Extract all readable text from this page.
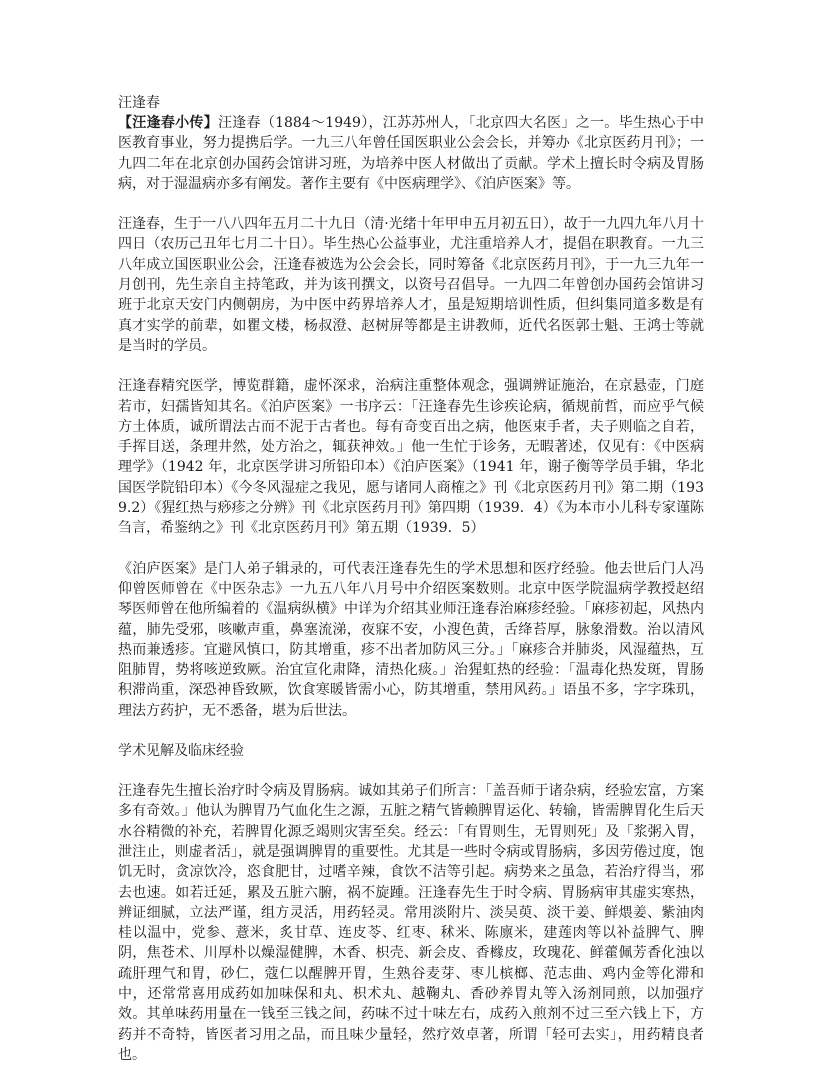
汪逢春

【汪逢春小传】汪逢春（1884～1949），江苏苏州人，「北京四大名医」之一。毕生热心于中医教育事业，努力提携后学。一九三八年曾任国医职业公会会长，并筹办《北京医药月刊》；一九四二年在北京创办国药会馆讲习班，为培养中医人材做出了贡献。学术上擅长时令病及胃肠病，对于湿温病亦多有阐发。著作主要有《中医病理学》、《泊庐医案》等。

汪逢春，生于一八八四年五月二十九日（清·光绪十年甲申五月初五日），故于一九四九年八月十四日（农历己丑年七月二十日）。毕生热心公益事业，尤注重培养人才，提倡在职教育。一九三八年成立国医职业公会，汪逢春被选为公会会长，同时筹备《北京医药月刊》，于一九三九年一月创刊，先生亲自主持笔政，并为该刊撰文，以资号召倡导。一九四二年曾创办国药会馆讲习班于北京天安门内侧朝房，为中医中药界培养人才，虽是短期培训性质，但纠集同道多数是有真才实学的前辈，如瞿文楼，杨叔澄、赵树屏等都是主讲教师，近代名医郭士魁、王鸿士等就是当时的学员。

汪逢春精究医学，博览群籍，虚怀深求，治病注重整体观念，强调辨证施治，在京悬壶，门庭若市，妇孺皆知其名。《泊庐医案》一书序云：「汪逢春先生诊疾论病，循规前哲，而应乎气候方土体质，诚所谓法古而不泥于古者也。每有奇变百出之病，他医束手者，夫子则临之自若，手挥目送，条理井然，处方治之，辄获神效。」他一生忙于诊务，无暇著述，仅见有：《中医病理学》（1942 年，北京医学讲习所铅印本）《泊庐医案》（1941 年，谢子衡等学员手辑，华北国医学院铅印本）《今冬风湿症之我见，愿与诸同人商榷之》刊《北京医药月刊》第二期（1939.2）《猩红热与痧疹之分辨》刊《北京医药月刊》第四期（1939．4）《为本市小儿科专家谨陈刍言，希鉴纳之》刊《北京医药月刊》第五期（1939．5）

《泊庐医案》是门人弟子辑录的，可代表汪逢春先生的学术思想和医疗经验。他去世后门人冯仰曾医师曾在《中医杂志》一九五八年八月号中介绍医案数则。北京中医学院温病学教授赵绍琴医师曾在他所编着的《温病纵横》中详为介绍其业师汪逢春治麻疹经验。「麻疹初起，风热内蕴，肺先受邪，咳嗽声重，鼻塞流涕，夜寐不安，小溲色黄，舌绛苔厚，脉象滑数。治以清风热而兼透疹。宜避风慎口，防其增重，疹不出者加防风三分。」「麻疹合并肺炎，风湿蕴热，互阻肺胃，势将咳逆致厥。治宜宣化肃降，清热化痰。」治猩虹热的经验：「温毒化热发斑，胃肠积滞尚重，深恐神昏致厥，饮食寒暖皆需小心，防其增重，禁用风药。」语虽不多，字字珠玑，理法方药护，无不悉备，堪为后世法。

学术见解及临床经验

汪逢春先生擅长治疗时令病及胃肠病。诚如其弟子们所言：「盖吾师于诸杂病，经验宏富，方案多有奇效。」他认为脾胃乃气血化生之源，五脏之精气皆赖脾胃运化、转输，皆需脾胃化生后天水谷精微的补充，若脾胃化源乏竭则灾害至矣。经云：「有胃则生，无胃则死」及「浆粥入胃，泄注止，则虚者活」，就是强调脾胃的重要性。尤其是一些时令病或胃肠病，多因劳倦过度，饱饥无时，贪凉饮冷，恣食肥甘，过嗜辛辣，食饮不洁等引起。病势来之虽急，若治疗得当，邪去也速。如若迁延，累及五脏六腑，祸不旋踵。汪逢春先生于时令病、胃肠病审其虚实寒热，辨证细腻，立法严谨，组方灵活，用药轻灵。常用淡附片、淡吴萸、淡干姜、鲜煨姜、紫油肉桂以温中，党参、薏米，炙甘草、连皮苓、红枣、秫米、陈廪米，建莲肉等以补益脾气、脾阴，焦苍术、川厚朴以燥湿健脾，木香、枳壳、新会皮、香橼皮，玫瑰花、鲜藿佩芳香化浊以疏肝理气和胃，砂仁，蔻仁以醒脾开胃，生熟谷麦芽、枣儿槟榔、范志曲、鸡内金等化滞和中，还常常喜用成药如加味保和丸、枳术丸、越鞠丸、香砂养胃丸等入汤剂同煎，以加强疗效。其单味药用量在一钱至三钱之间，药味不过十味左右，成药入煎剂不过三至六钱上下，方药并不奇特，皆医者习用之品，而且味少量轻，然疗效卓著，所谓「轻可去实」，用药精良者也。
